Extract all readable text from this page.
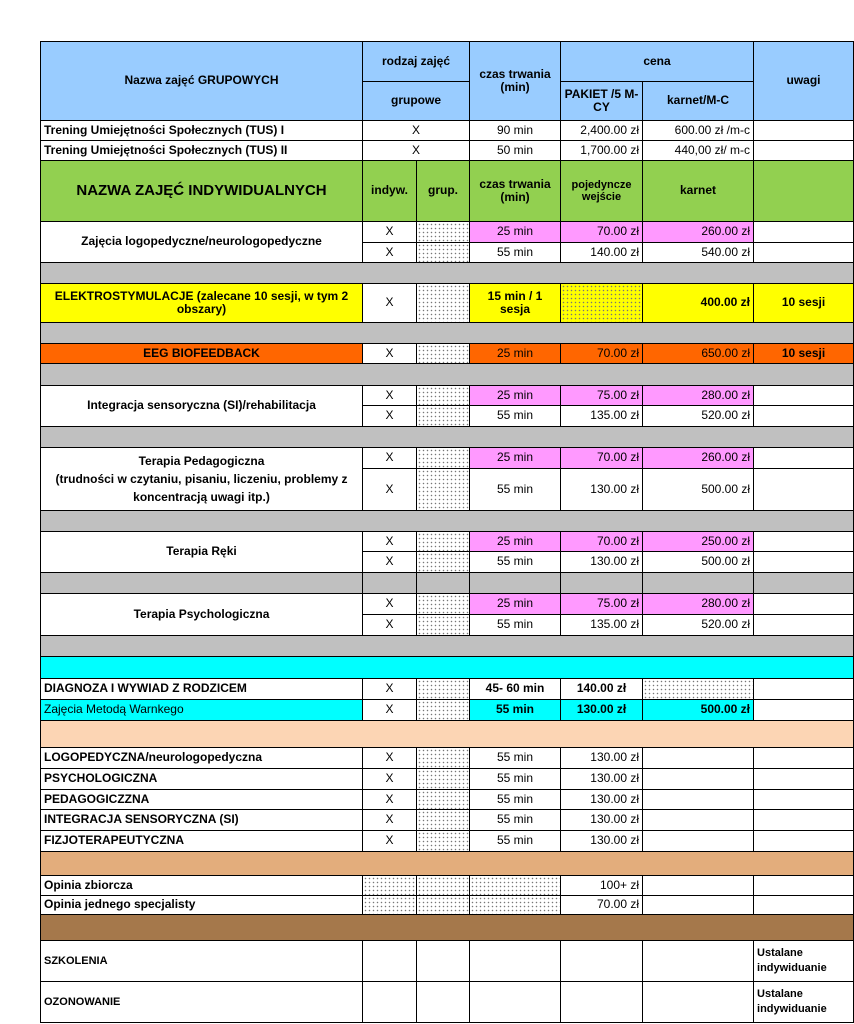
Nazwa zajęć GRUPOWYCH	rodzaj zajęć		czas trwania (min)	cena		uwagi
	grupowe			PAKIET /5 M-CY	karnet/M-C	
Trening Umiejętności Społecznych (TUS) I	X		90 min	2,400.00 zł	600.00 zł /m-c	
Trening Umiejętności Społecznych (TUS) II	X		50 min	1,700.00 zł	440,00 zł/ m-c	
NAZWA ZAJĘĆ INDYWIDUALNYCH	indyw.	grup.	czas trwania (min)	pojedyncze wejście	karnet	
Zajęcia logopedyczne/neurologopedyczne	X		25 min	70.00 zł	260.00 zł	
	X		55 min	140.00 zł	540.00 zł	

ELEKTROSTYMULACJE (zalecane 10 sesji, w tym 2 obszary)	X		15 min / 1 sesja		400.00 zł	10 sesji

EEG BIOFEEDBACK	X		25 min	70.00 zł	650.00 zł	10 sesji

Integracja sensoryczna (SI)/rehabilitacja	X		25 min	75.00 zł	280.00 zł	
	X		55 min	135.00 zł	520.00 zł	

Terapia Pedagogiczna
(trudności w czytaniu, pisaniu, liczeniu, problemy z koncentracją uwagi itp.)	X		25 min	70.00 zł	260.00 zł	
	X		55 min	130.00 zł	500.00 zł	

Terapia Ręki	X		25 min	70.00 zł	250.00 zł	
	X		55 min	130.00 zł	500.00 zł	

Terapia Psychologiczna	X		25 min	75.00 zł	280.00 zł	
	X		55 min	135.00 zł	520.00 zł	

DIAGNOZA I WYWIAD Z RODZICEM	X		45- 60 min	140.00 zł		
Zajęcia Metodą Warnkego	X		55 min	130.00 zł	500.00 zł	

LOGOPEDYCZNA/neurologopedyczna	X		55 min	130.00 zł		
PSYCHOLOGICZNA	X		55 min	130.00 zł		
PEDAGOGICZZNA	X		55 min	130.00 zł		
INTEGRACJA SENSORYCZNA (SI)	X		55 min	130.00 zł		
FIZJOTERAPEUTYCZNA	X		55 min	130.00 zł		

Opinia zbiorcza				100+ zł		
Opinia jednego specjalisty				70.00 zł		

SZKOLENIA						Ustalane indywiduanie
OZONOWANIE						Ustalane indywiduanie
